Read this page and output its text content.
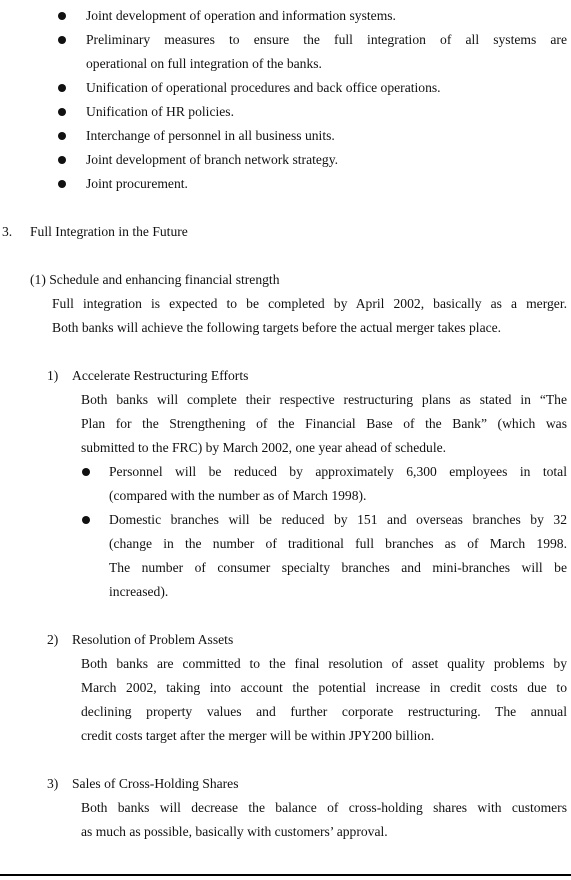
Joint development of operation and information systems.
Preliminary measures to ensure the full integration of all systems are
operational on full integration of the banks.
Unification of operational procedures and back office operations.
Unification of HR policies.
Interchange of personnel in all business units.
Joint development of branch network strategy.
Joint procurement.
3. Full Integration in the Future
(1) Schedule and enhancing financial strength
Full integration is expected to be completed by April 2002, basically as a merger.
Both banks will achieve the following targets before the actual merger takes place.
1) Accelerate Restructuring Efforts
Both banks will complete their respective restructuring plans as stated in “The
Plan for the Strengthening of the Financial Base of the Bank” (which was
submitted to the FRC) by March 2002, one year ahead of schedule.
Personnel will be reduced by approximately 6,300 employees in total
(compared with the number as of March 1998).
Domestic branches will be reduced by 151 and overseas branches by 32
(change in the number of traditional full branches as of March 1998.
The number of consumer specialty branches and mini-branches will be
increased).
2) Resolution of Problem Assets
Both banks are committed to the final resolution of asset quality problems by
March 2002, taking into account the potential increase in credit costs due to
declining property values and further corporate restructuring. The annual
credit costs target after the merger will be within JPY200 billion.
3) Sales of Cross-Holding Shares
Both banks will decrease the balance of cross-holding shares with customers
as much as possible, basically with customers’ approval.
